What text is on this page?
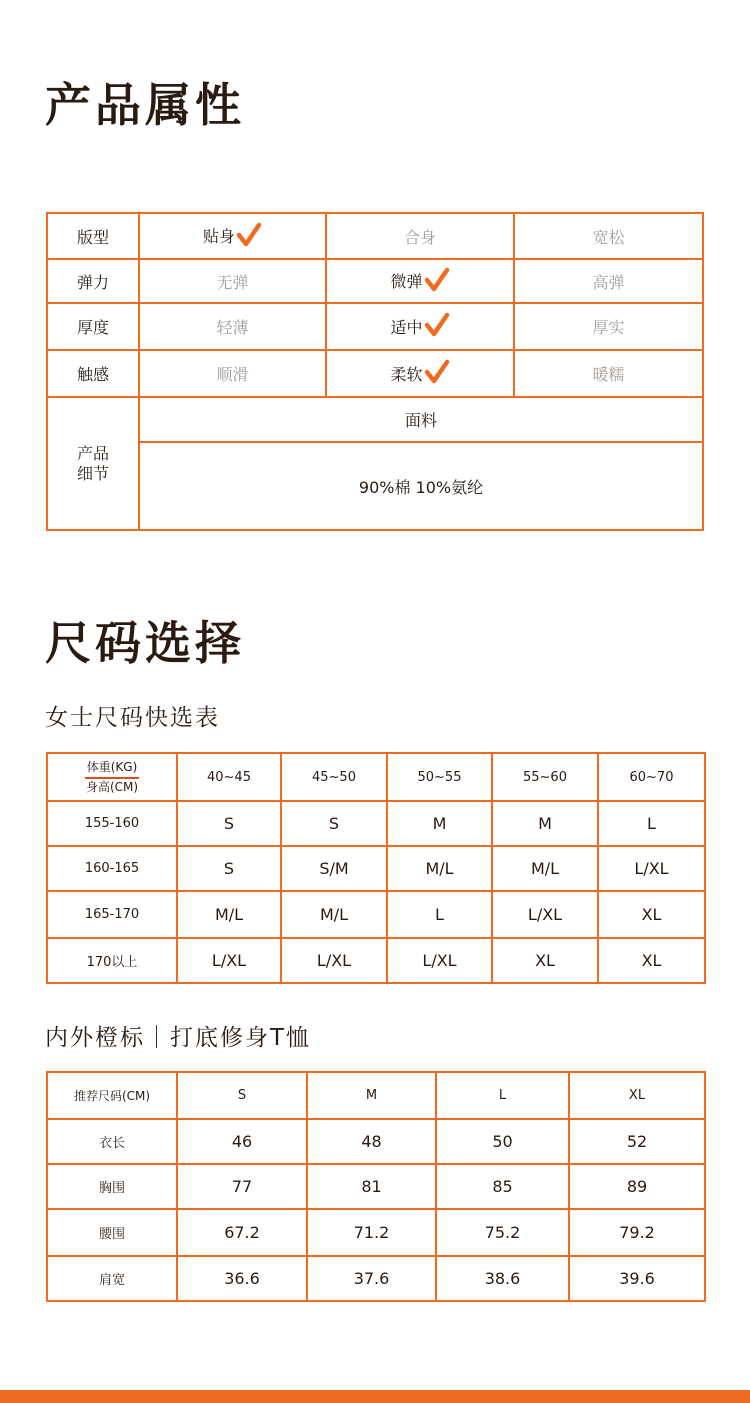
产品属性
版型	贴身	合身	宽松
弹力	无弹	微弹	高弹
厚度	轻薄	适中	厚实
触感	顺滑	柔软	暖糯
产品
细节	面料		
	90%棉 10%氨纶		
尺码选择
女士尺码快选表
体重(KG)
身高(CM)	40~45	45~50	50~55	55~60	60~70
155-160	S	S	M	M	L
160-165	S	S/M	M/L	M/L	L/XL
165-170	M/L	M/L	L	L/XL	XL
170以上	L/XL	L/XL	L/XL	XL	XL
内外橙标｜打底修身T恤
推荐尺码(CM)	S	M	L	XL
衣长	46	48	50	52
胸围	77	81	85	89
腰围	67.2	71.2	75.2	79.2
肩宽	36.6	37.6	38.6	39.6
